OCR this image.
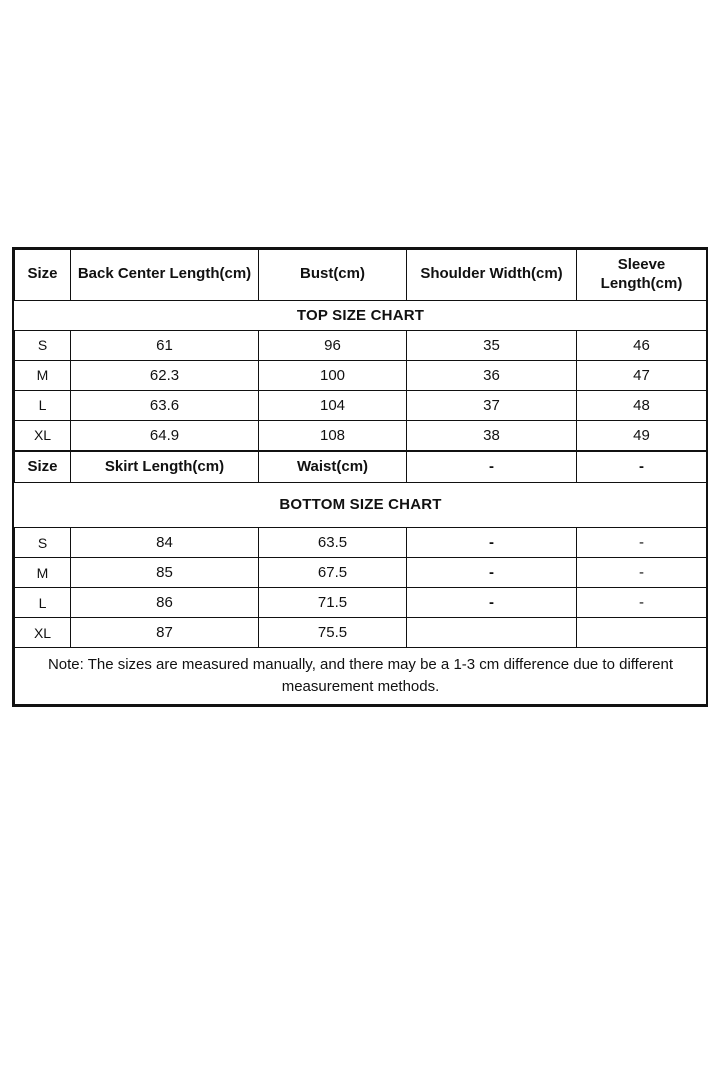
TOP SIZE CHART				
Size	Back Center Length(cm)	Bust(cm)	Shoulder Width(cm)	Sleeve Length(cm)
S	61	96	35	46
M	62.3	100	36	47
L	63.6	104	37	48
XL	64.9	108	38	49
BOTTOM SIZE CHART				
Size	Skirt Length(cm)	Waist(cm)	-	-
S	84	63.5	-	-
M	85	67.5	-	-
L	86	71.5	-	-
XL	87	75.5		
Note: The sizes are measured manually, and there may be a 1-3 cm difference due to different measurement methods.				
